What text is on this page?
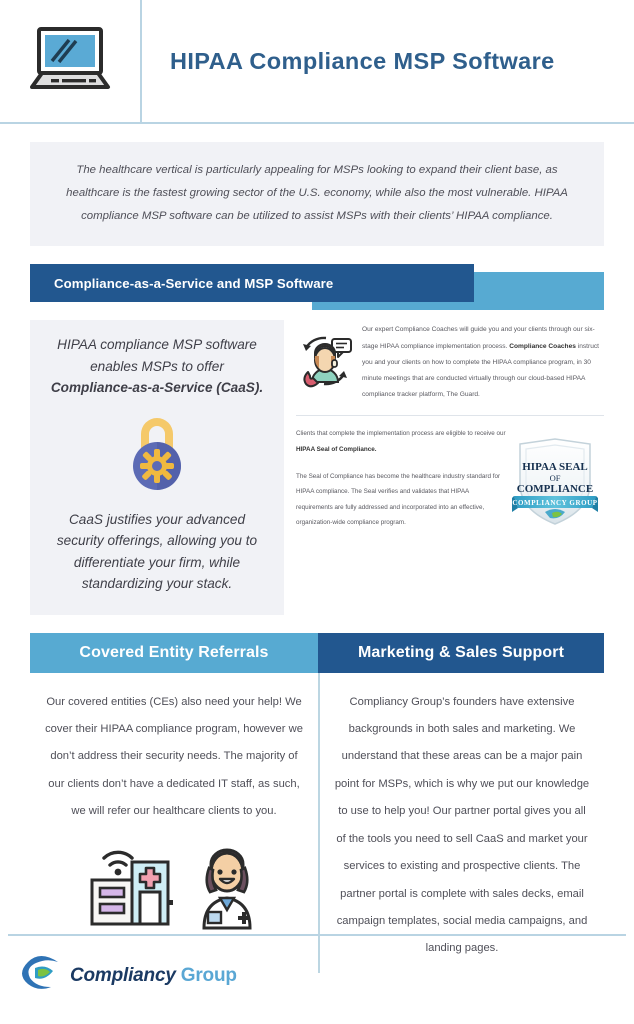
HIPAA Compliance MSP Software

The healthcare vertical is particularly appealing for MSPs looking to expand their client base, as healthcare is the fastest growing sector of the U.S. economy, while also the most vulnerable. HIPAA compliance MSP software can be utilized to assist MSPs with their clients’ HIPAA compliance.

Compliance-as-a-Service and MSP Software

HIPAA compliance MSP software
enables MSPs to offer
Compliance-as-a-Service (CaaS).

CaaS justifies your advanced security offerings, allowing you to differentiate your firm, while standardizing your stack.

Our expert Compliance Coaches will guide you and your clients through our six-stage HIPAA compliance implementation process. Compliance Coaches instruct you and your clients on how to complete the HIPAA compliance program, in 30 minute meetings that are conducted virtually through our cloud-based HIPAA compliance tracker platform, The Guard.
Clients that complete the implementation process are eligible to receive our HIPAA Seal of Compliance.
The Seal of Compliance has become the healthcare industry standard for HIPAA compliance. The Seal verifies and validates that HIPAA requirements are fully addressed and incorporated into an effective, organization-wide compliance program.
HIPAA SEAL
OF
COMPLIANCE
COMPLIANCY GROUP
Covered Entity Referrals	Marketing & Sales Support

Our covered entities (CEs) also need your help! We cover their HIPAA compliance program, however we don’t address their security needs. The majority of our clients don’t have a dedicated IT staff, as such, we will refer our healthcare clients to you.

Compliancy Group’s founders have extensive backgrounds in both sales and marketing. We understand that these areas can be a major pain point for MSPs, which is why we put our knowledge to use to help you! Our partner portal gives you all of the tools you need to sell CaaS and market your services to existing and prospective clients. The partner portal is complete with sales decks, email campaign templates, social media campaigns, and landing pages.

Compliancy Group
